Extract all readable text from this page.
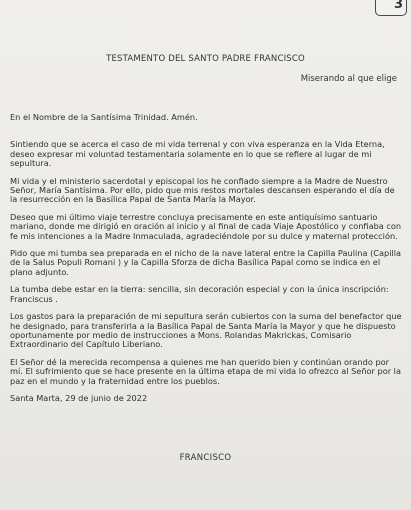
3
TESTAMENTO DEL SANTO PADRE FRANCISCO
Miserando al que elige

En el Nombre de la Santísima Trinidad. Amén.

Sintiendo que se acerca el caso de mi vida terrenal y con viva esperanza en la Vida Eterna, deseo expresar mi voluntad testamentaria solamente en lo que se refiere al lugar de mi sepultura.

Mi vida y el ministerio sacerdotal y episcopal los he confiado siempre a la Madre de Nuestro Señor, María Santísima. Por ello, pido que mis restos mortales descansen esperando el día de la resurrección en la Basílica Papal de Santa María la Mayor.

Deseo que mi último viaje terrestre concluya precisamente en este antiquísimo santuario mariano, donde me dirigió en oración al inicio y al final de cada Viaje Apostólico y confiaba con fe mis intenciones a la Madre Inmaculada, agradeciéndole por su dulce y maternal protección.

Pido que mi tumba sea preparada en el nicho de la nave lateral entre la Capilla Paulina (Capilla de la Salus Populi Romani ) y la Capilla Sforza de dicha Basílica Papal como se indica en el plano adjunto.

La tumba debe estar en la tierra: sencilla, sin decoración especial y con la única inscripción: Franciscus .

Los gastos para la preparación de mi sepultura serán cubiertos con la suma del benefactor que he designado, para transferirla a la Basílica Papal de Santa María la Mayor y que he dispuesto oportunamente por medio de instrucciones a Mons. Rolandas Makrickas, Comisario Extraordinario del Capítulo Liberiano.

El Señor dé la merecida recompensa a quienes me han querido bien y continúan orando por mí. El sufrimiento que se hace presente en la última etapa de mi vida lo ofrezco al Señor por la paz en el mundo y la fraternidad entre los pueblos.

Santa Marta, 29 de junio de 2022

FRANCISCO
